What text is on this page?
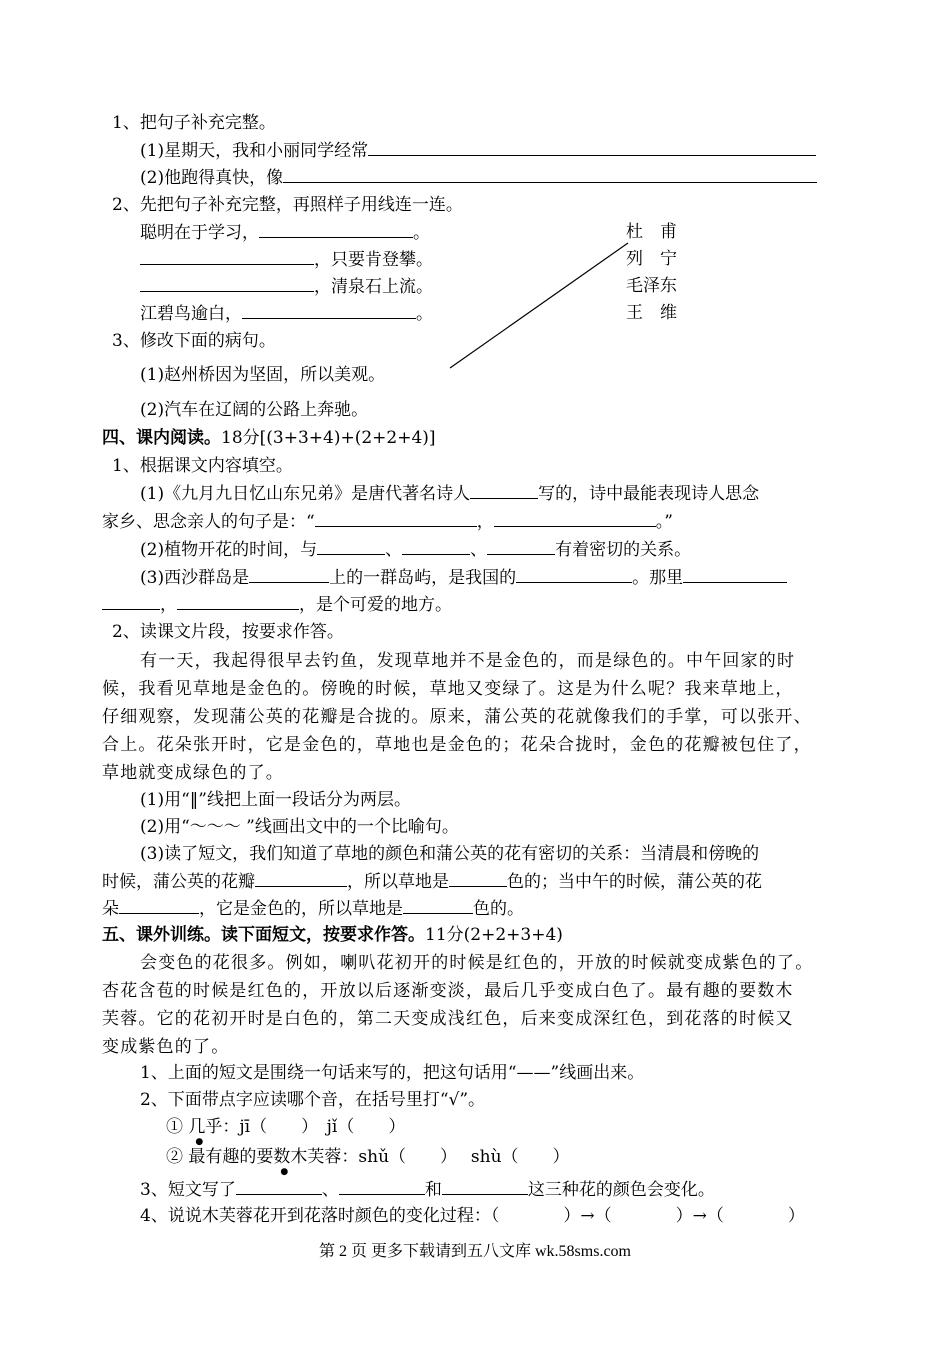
1、把句子补充完整。
(1)星期天，我和小丽同学经常
(2)他跑得真快，像
2、先把句子补充完整，再照样子用线连一连。
聪明在于学习，	。
，只要肯登攀。
，清泉石上流。
江碧鸟逾白，	。
杜　甫
列　宁
毛泽东
王　维
3、修改下面的病句。
(1)赵州桥因为坚固，所以美观。
(2)汽车在辽阔的公路上奔驰。
四、课内阅读。18分[(3+3+4)+(2+2+4)]
1、根据课文内容填空。
(1)《九月九日忆山东兄弟》是唐代著名诗人	写的，诗中最能表现诗人思念
家乡、思念亲人的句子是：“	，	。”
(2)植物开花的时间，与	、	、	有着密切的关系。
(3)西沙群岛是	上的一群岛屿，是我国的	。那里
，	，是个可爱的地方。
2、读课文片段，按要求作答。
有一天，我起得很早去钓鱼，发现草地并不是金色的，而是绿色的。中午回家的时
候，我看见草地是金色的。傍晚的时候，草地又变绿了。这是为什么呢？我来草地上，
仔细观察，发现蒲公英的花瓣是合拢的。原来，蒲公英的花就像我们的手掌，可以张开、
合上。花朵张开时，它是金色的，草地也是金色的；花朵合拢时，金色的花瓣被包住了，
草地就变成绿色的了。
(1)用“‖”线把上面一段话分为两层。
(2)用“～～～ ”线画出文中的一个比喻句。
(3)读了短文，我们知道了草地的颜色和蒲公英的花有密切的关系：当清晨和傍晚的
时候，蒲公英的花瓣	，所以草地是	色的；当中午的时候，蒲公英的花
朵	，它是金色的，所以草地是	色的。
五、课外训练。读下面短文，按要求作答。11分(2+2+3+4)
会变色的花很多。例如，喇叭花初开的时候是红色的，开放的时候就变成紫色的了。
杏花含苞的时候是红色的，开放以后逐渐变淡，最后几乎变成白色了。最有趣的要数木
芙蓉。它的花初开时是白色的，第二天变成浅红色，后来变成深红色，到花落的时候又
变成紫色的了。
1、上面的短文是围绕一句话来写的，把这句话用“——”线画出来。
2、下面带点字应读哪个音，在括号里打“√”。
① 几
●
乎：jī（　　）　jǐ（　　）
② 最有趣的要数
●
木芙蓉：shǔ（　　）　 shù（　　）
3、短文写了	、	和	这三种花的颜色会变化。
4、说说木芙蓉花开到花落时颜色的变化过程：（	）→（	）→（	）
第 2 页 更多下载请到五八文库 wk.58sms.com
